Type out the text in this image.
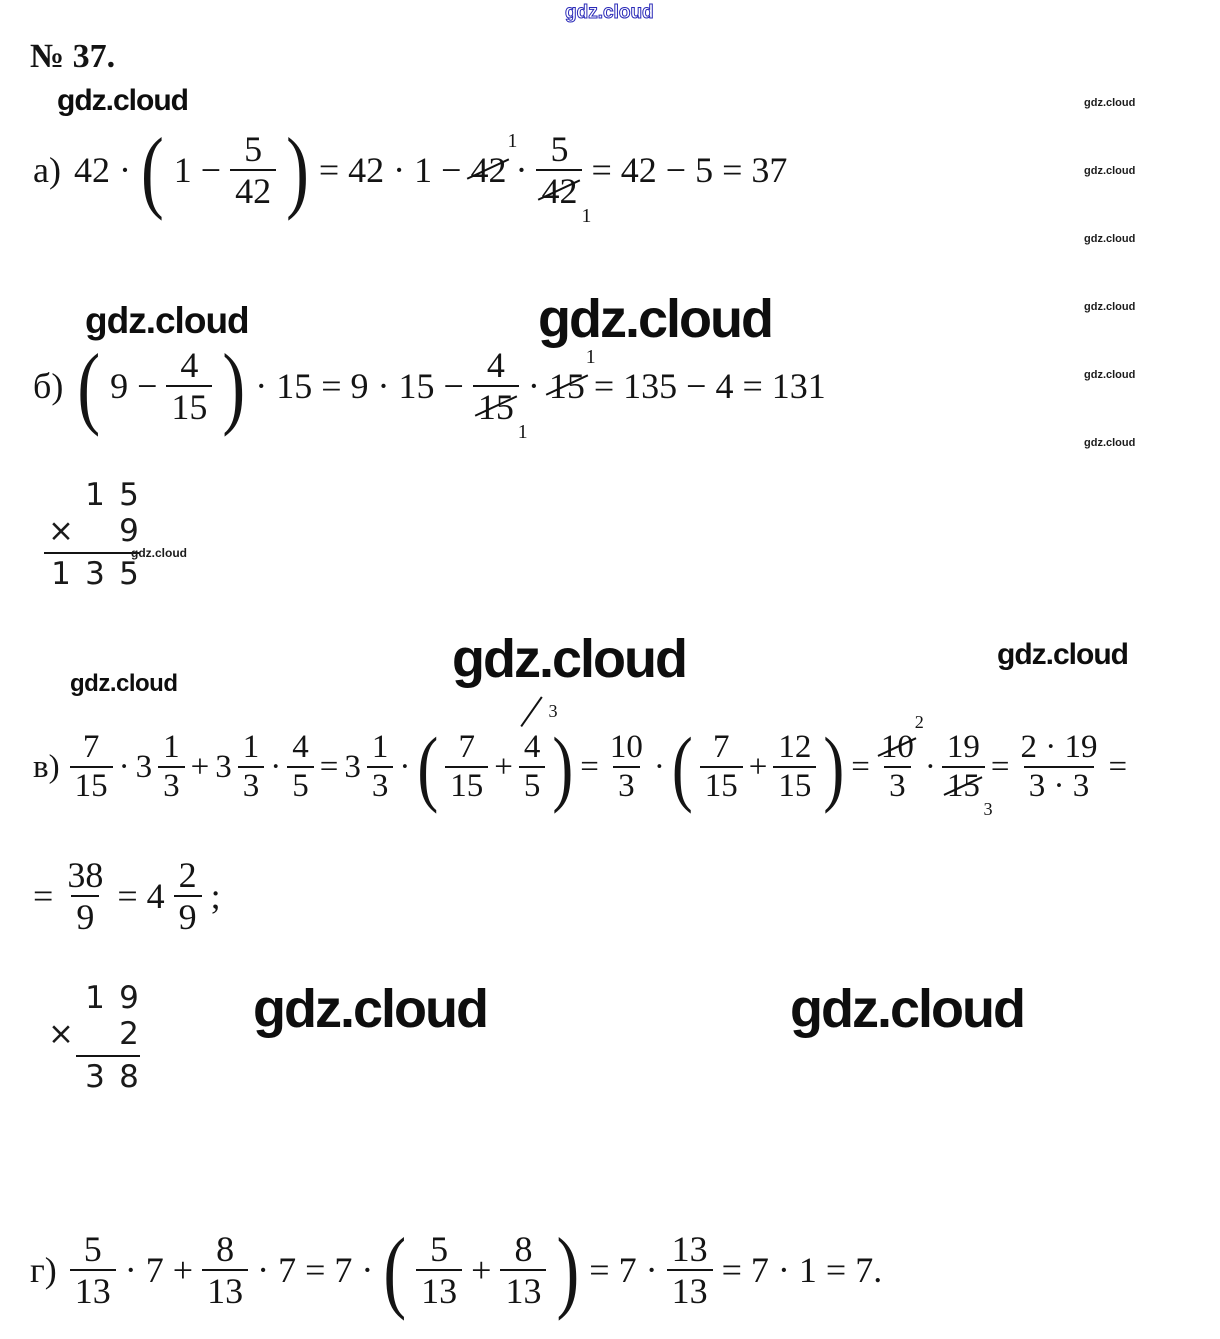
gdz.cloud
№ 37.
gdz.cloud	gdz.cloud
gdz.cloud
gdz.cloud
gdz.cloud
gdz.cloud
gdz.cloud
а) 42 · ( $1 - \frac{5}{42}$ ) = 42 · 1 − 42
1
· 5
42
1 = 42 − 5 = 37
gdz.cloud	gdz.cloud
б) ( $9 - \frac{4}{15}$ ) · 15 = 9 · 15 − 4
15
1 · 15
1
= 135 − 4 = 131
1 5
× 9
1 3 5
gdz.cloud
gdz.cloud	gdz.cloud	gdz.cloud
$в) \frac{7}{15} \cdot 3 \frac{1}{3} + 3 \frac{1}{3} \cdot \frac{4}{5} = 3 \frac{1}{3}$ · ( $\frac{7}{15} + 4$
3
5 ) = $\frac{10}{3}$ · ( $\frac{7}{15} + \frac{12}{15}$ ) = 10
2
3 · 19
15
$3 = \frac{2 \cdot 19}{3 \cdot 3}$ =
= $\frac{38}{9} = 4 \frac{2}{9}$ ;
1 9
× 2
3 8
gdz.cloud	gdz.cloud
$г) \frac{5}{13} \cdot 7 + \frac{8}{13} \cdot 7 = 7$ · ( $\frac{5}{13} + \frac{8}{13}$ ) = $7 \cdot \frac{13}{13} = 7 \cdot 1 = 7$.
